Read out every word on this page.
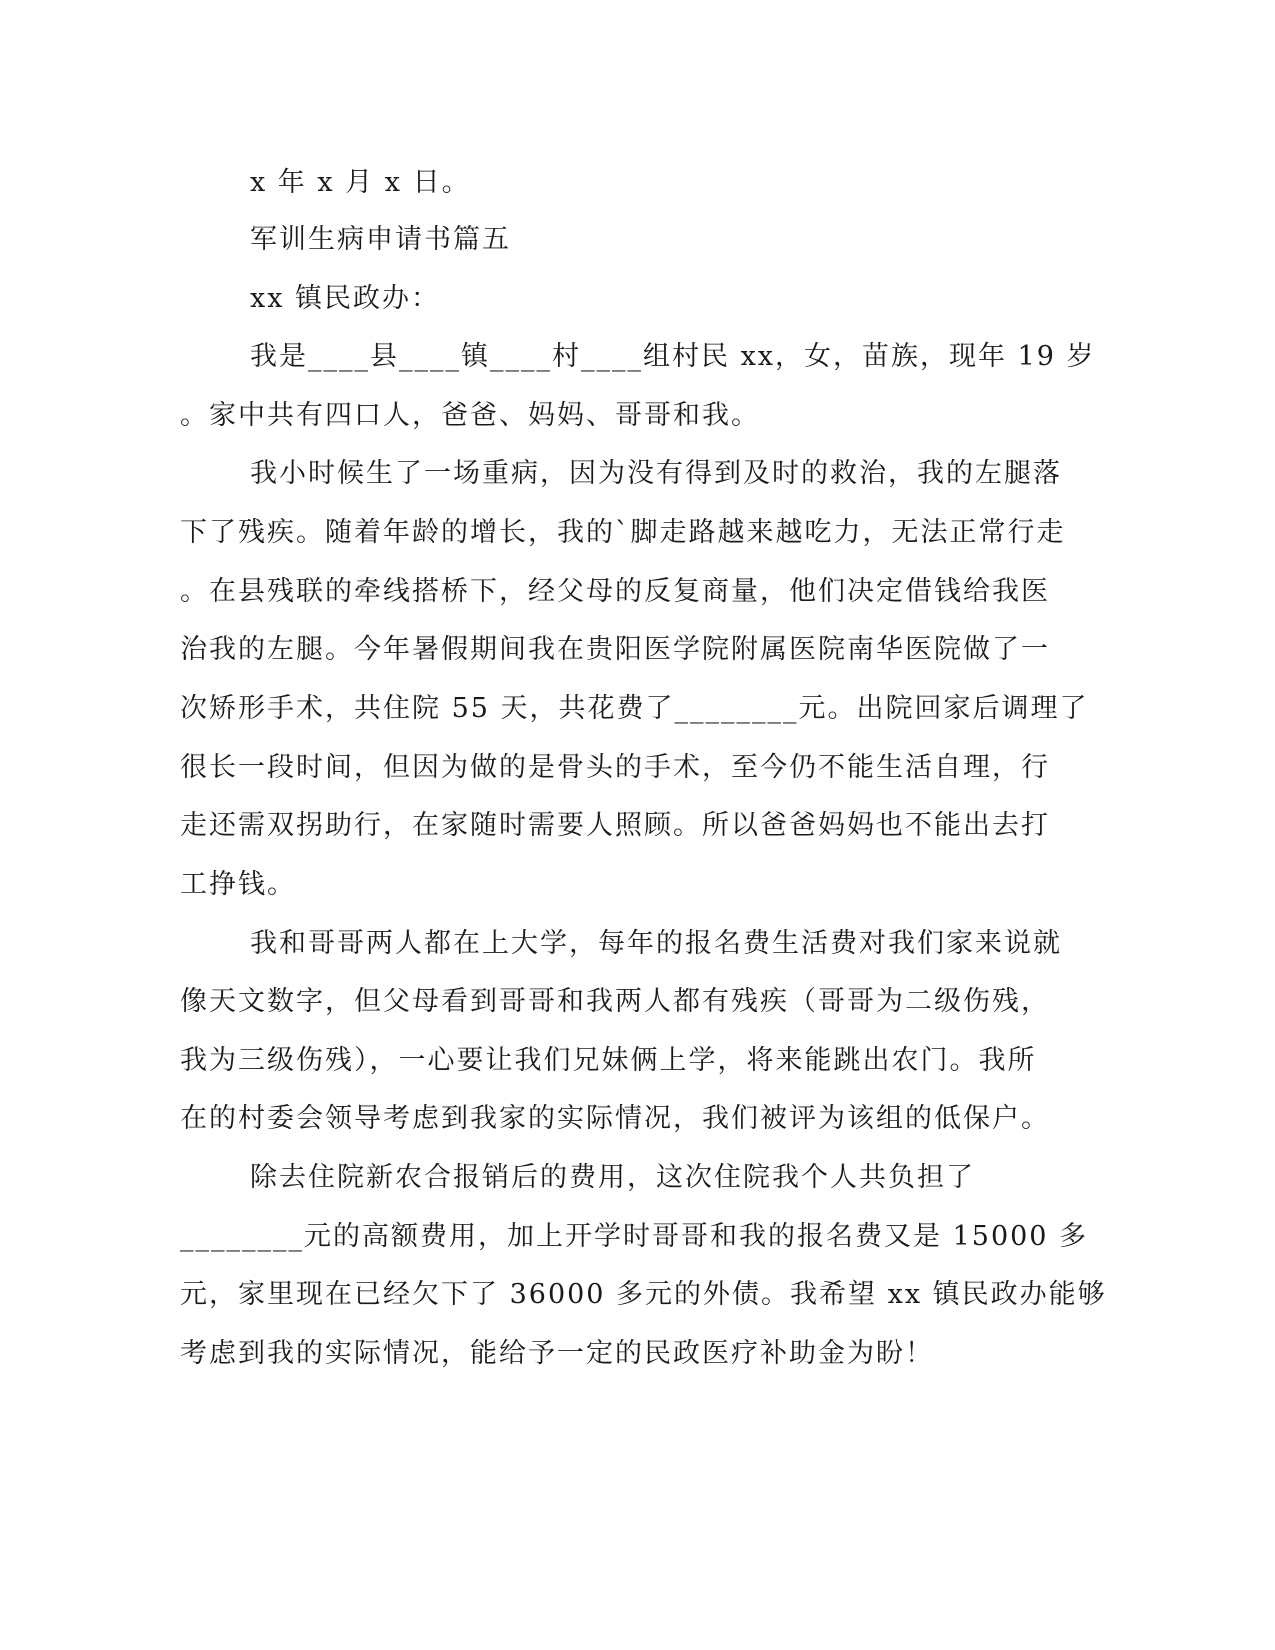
x 年 x 月 x 日。
军训生病申请书篇五
xx 镇民政办：
我是____县____镇____村____组村民 xx，女，苗族，现年 19 岁
。家中共有四口人，爸爸、妈妈、哥哥和我。
我小时候生了一场重病，因为没有得到及时的救治，我的左腿落
下了残疾。随着年龄的增长，我的`脚走路越来越吃力，无法正常行走
。在县残联的牵线搭桥下，经父母的反复商量，他们决定借钱给我医
治我的左腿。今年暑假期间我在贵阳医学院附属医院南华医院做了一
次矫形手术，共住院 55 天，共花费了________元。出院回家后调理了
很长一段时间，但因为做的是骨头的手术，至今仍不能生活自理，行
走还需双拐助行，在家随时需要人照顾。所以爸爸妈妈也不能出去打
工挣钱。
我和哥哥两人都在上大学，每年的报名费生活费对我们家来说就
像天文数字，但父母看到哥哥和我两人都有残疾（哥哥为二级伤残，
我为三级伤残），一心要让我们兄妹俩上学，将来能跳出农门。我所
在的村委会领导考虑到我家的实际情况，我们被评为该组的低保户。
除去住院新农合报销后的费用，这次住院我个人共负担了
________元的高额费用，加上开学时哥哥和我的报名费又是 15000 多
元，家里现在已经欠下了 36000 多元的外债。我希望 xx 镇民政办能够
考虑到我的实际情况，能给予一定的民政医疗补助金为盼！
